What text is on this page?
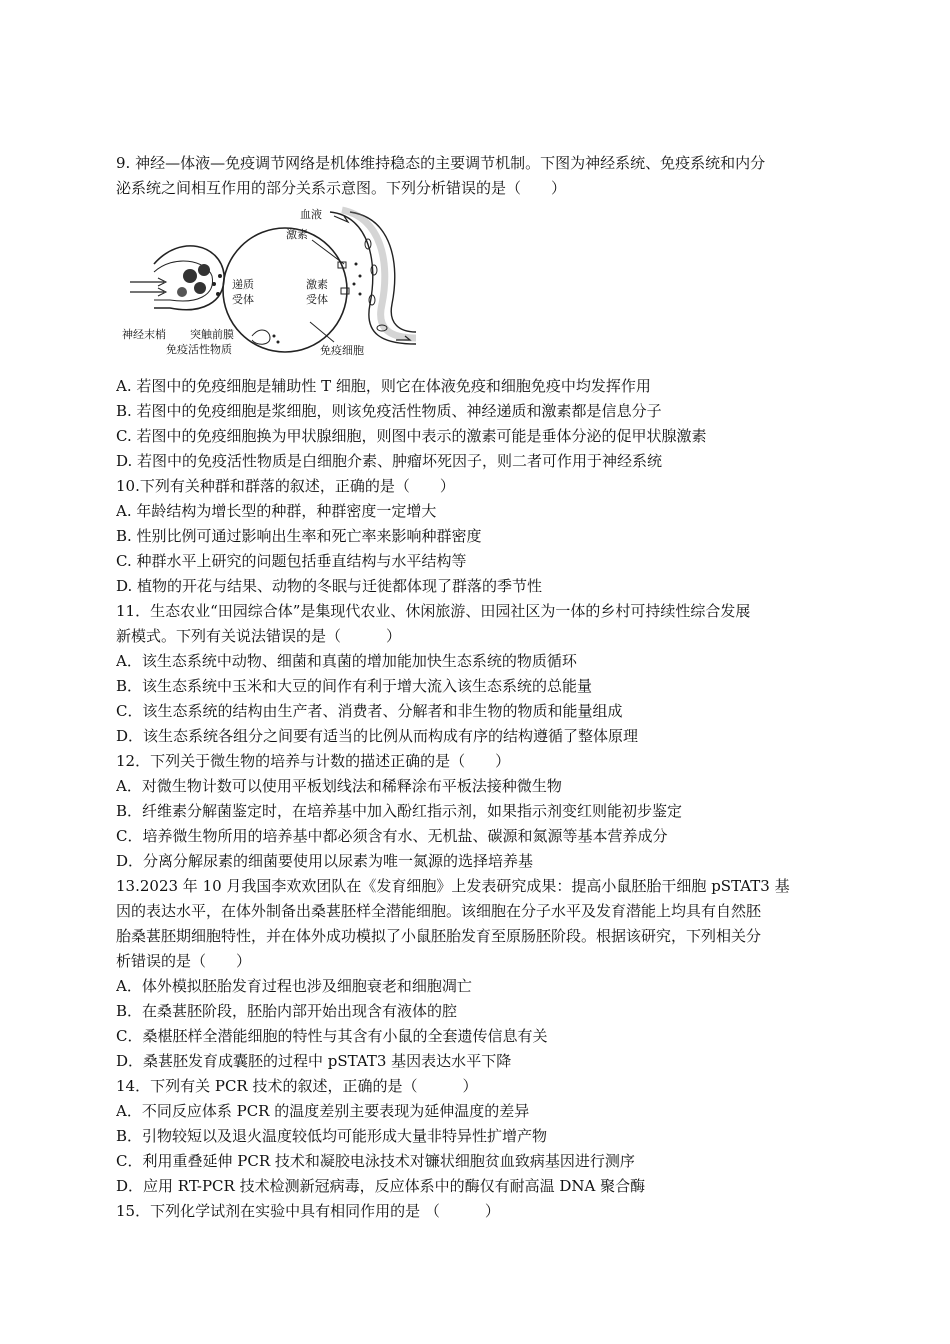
9. 神经—体液—免疫调节网络是机体维持稳态的主要调节机制。下图为神经系统、免疫系统和内分
泌系统之间相互作用的部分关系示意图。下列分析错误的是（　　）
血液
激素
激素
受体
递质
受体
神经末梢 突触前膜
免疫活性物质	免疫细胞
A. 若图中的免疫细胞是辅助性 T 细胞，则它在体液免疫和细胞免疫中均发挥作用
B. 若图中的免疫细胞是浆细胞，则该免疫活性物质、神经递质和激素都是信息分子
C. 若图中的免疫细胞换为甲状腺细胞，则图中表示的激素可能是垂体分泌的促甲状腺激素
D. 若图中的免疫活性物质是白细胞介素、肿瘤坏死因子，则二者可作用于神经系统
10.下列有关种群和群落的叙述，正确的是（　　）
A. 年龄结构为增长型的种群，种群密度一定增大
B. 性别比例可通过影响出生率和死亡率来影响种群密度
C. 种群水平上研究的问题包括垂直结构与水平结构等
D. 植物的开花与结果、动物的冬眠与迁徙都体现了群落的季节性
11．生态农业“田园综合体”是集现代农业、休闲旅游、田园社区为一体的乡村可持续性综合发展
新模式。下列有关说法错误的是（　　　）
A．该生态系统中动物、细菌和真菌的增加能加快生态系统的物质循环
B．该生态系统中玉米和大豆的间作有利于增大流入该生态系统的总能量
C．该生态系统的结构由生产者、消费者、分解者和非生物的物质和能量组成
D．该生态系统各组分之间要有适当的比例从而构成有序的结构遵循了整体原理
12．下列关于微生物的培养与计数的描述正确的是（　　）
A．对微生物计数可以使用平板划线法和稀释涂布平板法接种微生物
B．纤维素分解菌鉴定时，在培养基中加入酚红指示剂，如果指示剂变红则能初步鉴定
C．培养微生物所用的培养基中都必须含有水、无机盐、碳源和氮源等基本营养成分
D．分离分解尿素的细菌要使用以尿素为唯一氮源的选择培养基
13.2023 年 10 月我国李欢欢团队在《发育细胞》上发表研究成果：提高小鼠胚胎干细胞 pSTAT3 基
因的表达水平，在体外制备出桑葚胚样全潜能细胞。该细胞在分子水平及发育潜能上均具有自然胚
胎桑葚胚期细胞特性，并在体外成功模拟了小鼠胚胎发育至原肠胚阶段。根据该研究，下列相关分
析错误的是（　　）
A．体外模拟胚胎发育过程也涉及细胞衰老和细胞凋亡
B．在桑葚胚阶段，胚胎内部开始出现含有液体的腔
C．桑椹胚样全潜能细胞的特性与其含有小鼠的全套遗传信息有关
D．桑葚胚发育成囊胚的过程中 pSTAT3 基因表达水平下降
14．下列有关 PCR 技术的叙述，正确的是（　　　）
A．不同反应体系 PCR 的温度差别主要表现为延伸温度的差异
B．引物较短以及退火温度较低均可能形成大量非特异性扩增产物
C．利用重叠延伸 PCR 技术和凝胶电泳技术对镰状细胞贫血致病基因进行测序
D．应用 RT-PCR 技术检测新冠病毒，反应体系中的酶仅有耐高温 DNA 聚合酶
15．下列化学试剂在实验中具有相同作用的是 （　　　）
